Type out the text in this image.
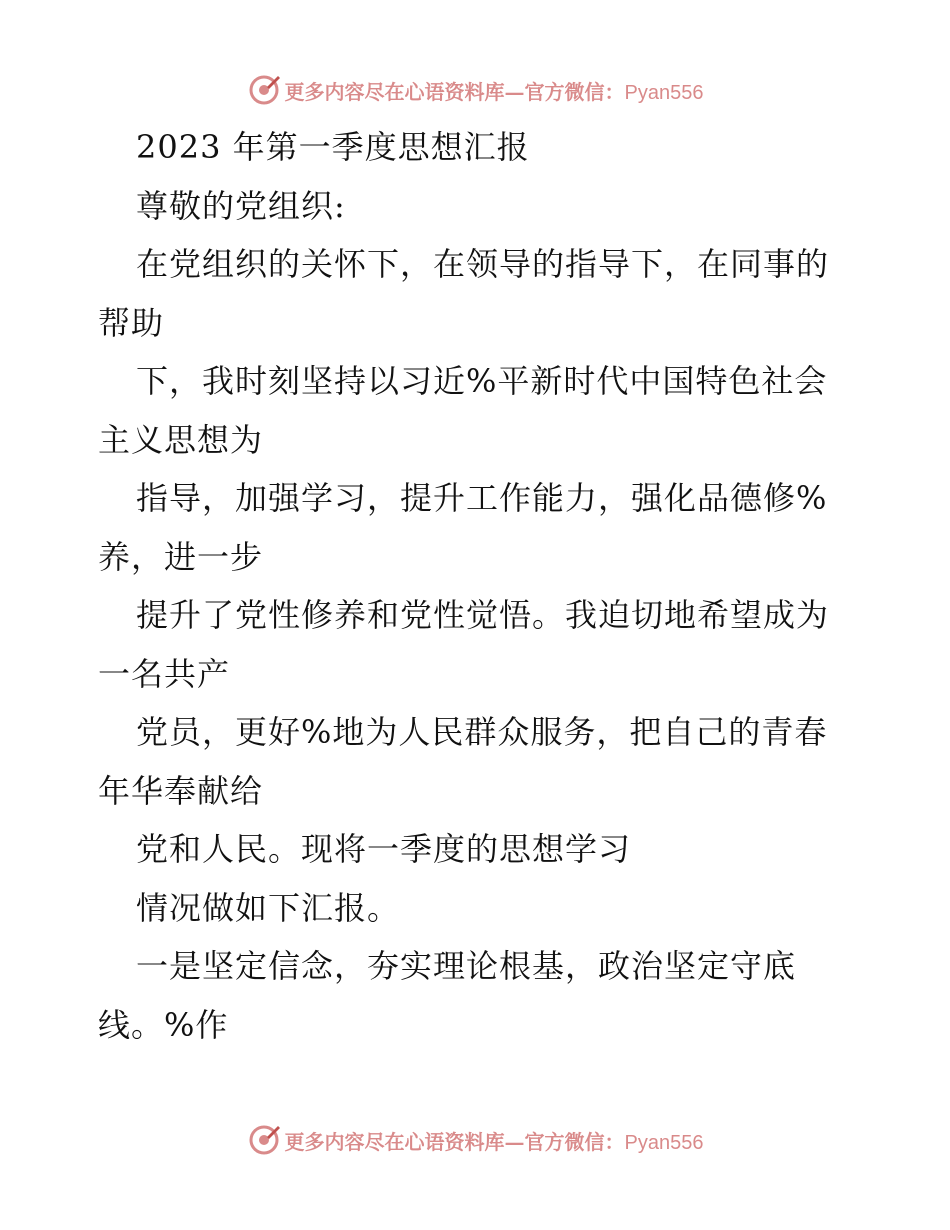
更多内容尽在心语资料库—官方微信：Pyan556
2023 年第一季度思想汇报
尊敬的党组织:
在党组织的关怀下，在领导的指导下，在同事的
帮助
下，我时刻坚持以习近%平新时代中国特色社会
主义思想为
指导，加强学习，提升工作能力，强化品德修%
养，进一步
提升了党性修养和党性觉悟。我迫切地希望成为
一名共产
党员，更好%地为人民群众服务，把自己的青春
年华奉献给
党和人民。现将一季度的思想学习
情况做如下汇报。
一是坚定信念，夯实理论根基，政治坚定守底
线。%作
更多内容尽在心语资料库—官方微信：Pyan556
